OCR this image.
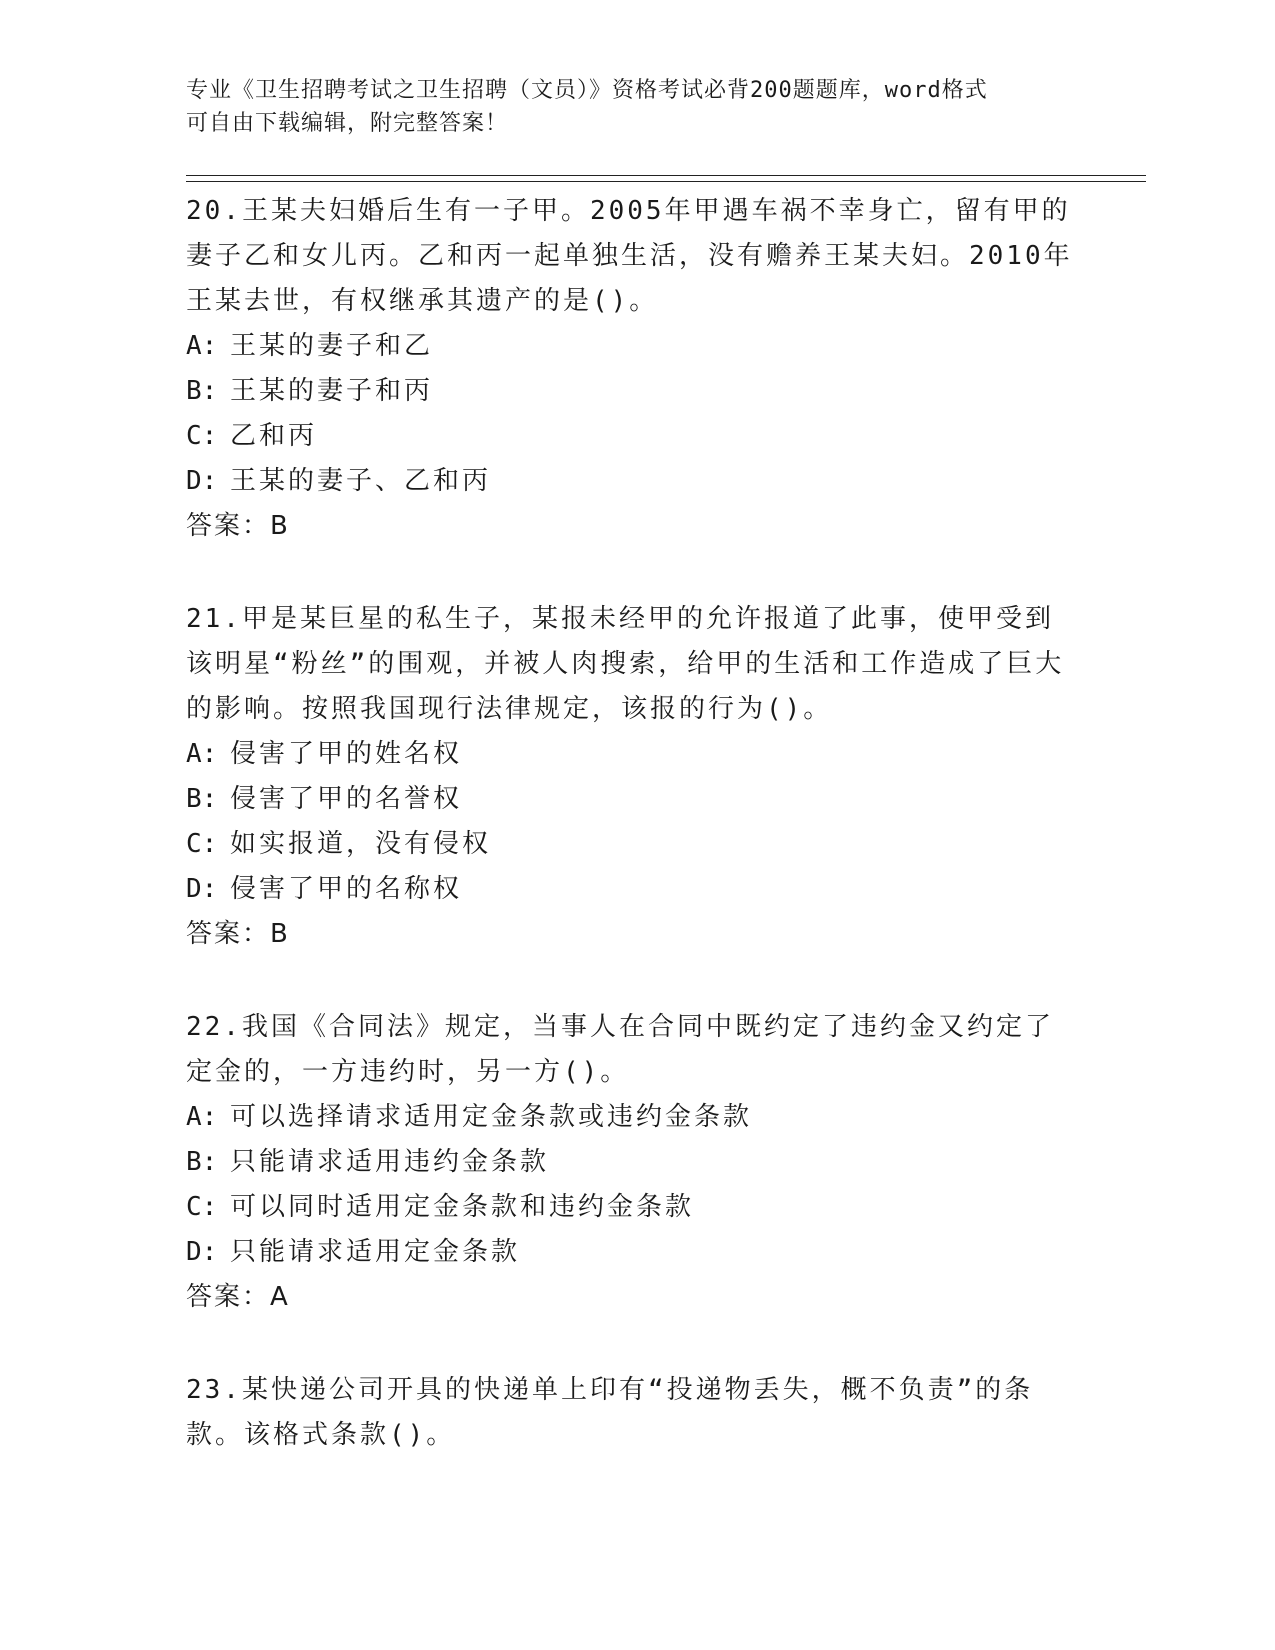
专业《卫生招聘考试之卫生招聘（文员）》资格考试必背200题题库，word格式
可自由下载编辑，附完整答案！

20.王某夫妇婚后生有一子甲。2005年甲遇车祸不幸身亡，留有甲的妻子乙和女儿丙。乙和丙一起单独生活，没有赡养王某夫妇。2010年王某去世，有权继承其遗产的是()。

A: 王某的妻子和乙

B: 王某的妻子和丙

C: 乙和丙

D: 王某的妻子、乙和丙

答案：B

21.甲是某巨星的私生子，某报未经甲的允许报道了此事，使甲受到该明星“粉丝”的围观，并被人肉搜索，给甲的生活和工作造成了巨大的影响。按照我国现行法律规定，该报的行为()。

A: 侵害了甲的姓名权

B: 侵害了甲的名誉权

C: 如实报道，没有侵权

D: 侵害了甲的名称权

答案：B

22.我国《合同法》规定，当事人在合同中既约定了违约金又约定了定金的，一方违约时，另一方()。

A: 可以选择请求适用定金条款或违约金条款

B: 只能请求适用违约金条款

C: 可以同时适用定金条款和违约金条款

D: 只能请求适用定金条款

答案：A

23.某快递公司开具的快递单上印有“投递物丢失，概不负责”的条款。该格式条款()。
